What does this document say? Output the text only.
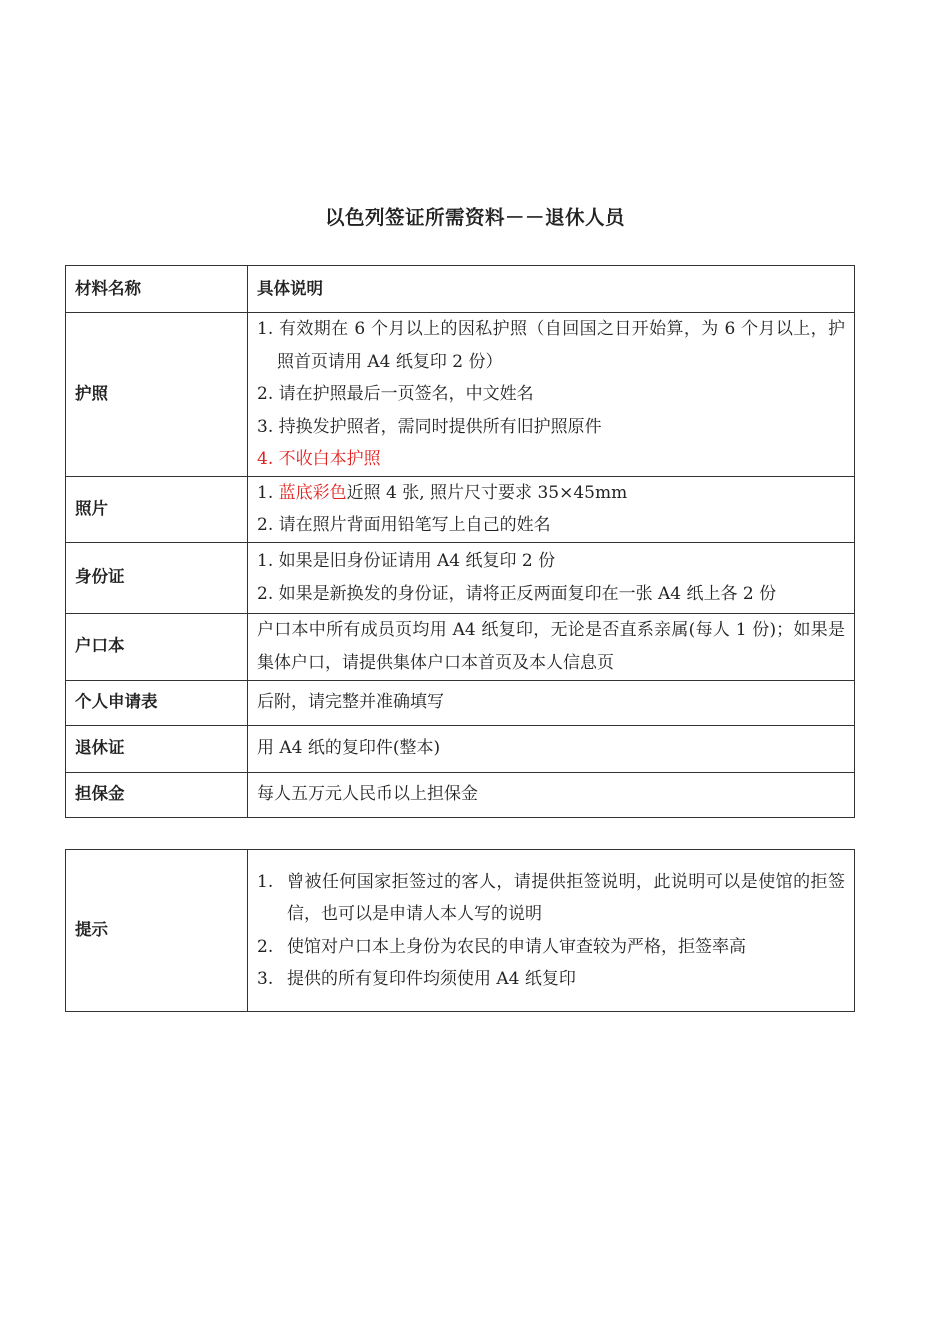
以色列签证所需资料－－退休人员
材料名称	具体说明
护照	1. 有效期在 6 个月以上的因私护照（自回国之日开始算，为 6 个月以上，护照首页请用 A4 纸复印 2 份）
2. 请在护照最后一页签名，中文姓名
3. 持换发护照者，需同时提供所有旧护照原件
4. 不收白本护照

照片	1. 蓝底彩色近照 4 张, 照片尺寸要求 35×45mm
2. 请在照片背面用铅笔写上自己的姓名

身份证	1. 如果是旧身份证请用 A4 纸复印 2 份
2. 如果是新换发的身份证，请将正反两面复印在一张 A4 纸上各 2 份

户口本	户口本中所有成员页均用 A4 纸复印，无论是否直系亲属(每人 1 份)；如果是集体户口，请提供集体户口本首页及本人信息页
个人申请表	后附，请完整并准确填写
退休证	用 A4 纸的复印件(整本)
担保金	每人五万元人民币以上担保金
提示	
1. 曾被任何国家拒签过的客人，请提供拒签说明，此说明可以是使馆的拒签信，也可以是申请人本人写的说明
2. 使馆对户口本上身份为农民的申请人审查较为严格，拒签率高
3. 提供的所有复印件均须使用 A4 纸复印
